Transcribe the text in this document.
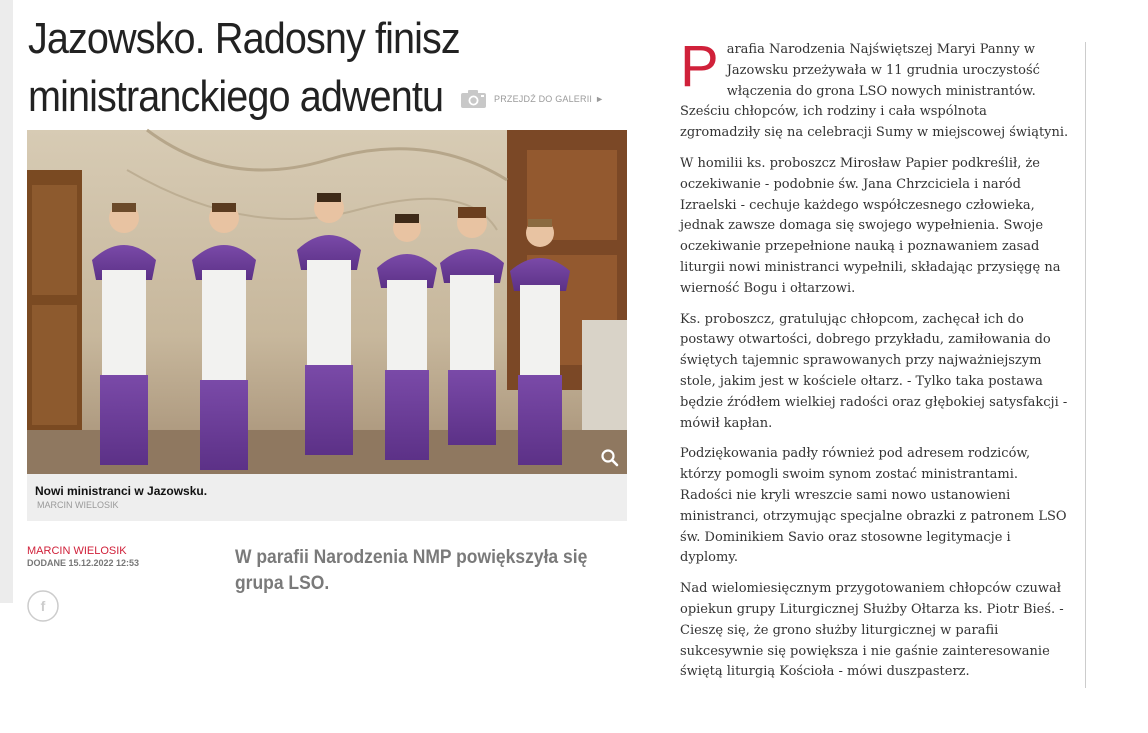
Jazowsko. Radosny finisz
ministranckiego adwentu	PRZEJDŹ DO GALERII ►
Nowi ministranci w Jazowsku.
MARCIN WIELOSIK
MARCIN WIELOSIK
DODANE 15.12.2022 12:53	W parafii Narodzenia NMP powiększyła się grupa LSO.

f

Parafia Narodzenia Najświętszej Maryi Panny w Jazowsku przeżywała w 11 grudnia uroczystość włączenia do grona LSO nowych ministrantów. Sześciu chłopców, ich rodziny i cała wspólnota zgromadziły się na celebracji Sumy w miejscowej świątyni.

W homilii ks. proboszcz Mirosław Papier podkreślił, że oczekiwanie - podobnie św. Jana Chrzciciela i naród Izraelski - cechuje każdego współczesnego człowieka, jednak zawsze domaga się swojego wypełnienia. Swoje oczekiwanie przepełnione nauką i poznawaniem zasad liturgii nowi ministranci wypełnili, składając przysięgę na wierność Bogu i ołtarzowi.

Ks. proboszcz, gratulując chłopcom, zachęcał ich do postawy otwartości, dobrego przykładu, zamiłowania do świętych tajemnic sprawowanych przy najważniejszym stole, jakim jest w kościele ołtarz. - Tylko taka postawa będzie źródłem wielkiej radości oraz głębokiej satysfakcji - mówił kapłan.

Podziękowania padły również pod adresem rodziców, którzy pomogli swoim synom zostać ministrantami. Radości nie kryli wreszcie sami nowo ustanowieni ministranci, otrzymując specjalne obrazki z patronem LSO św. Dominikiem Savio oraz stosowne legitymacje i dyplomy.

Nad wielomiesięcznym przygotowaniem chłopców czuwał opiekun grupy Liturgicznej Służby Ołtarza ks. Piotr Bieś. - Cieszę się, że grono służby liturgicznej w parafii sukcesywnie się powiększa i nie gaśnie zainteresowanie świętą liturgią Kościoła - mówi duszpasterz.
